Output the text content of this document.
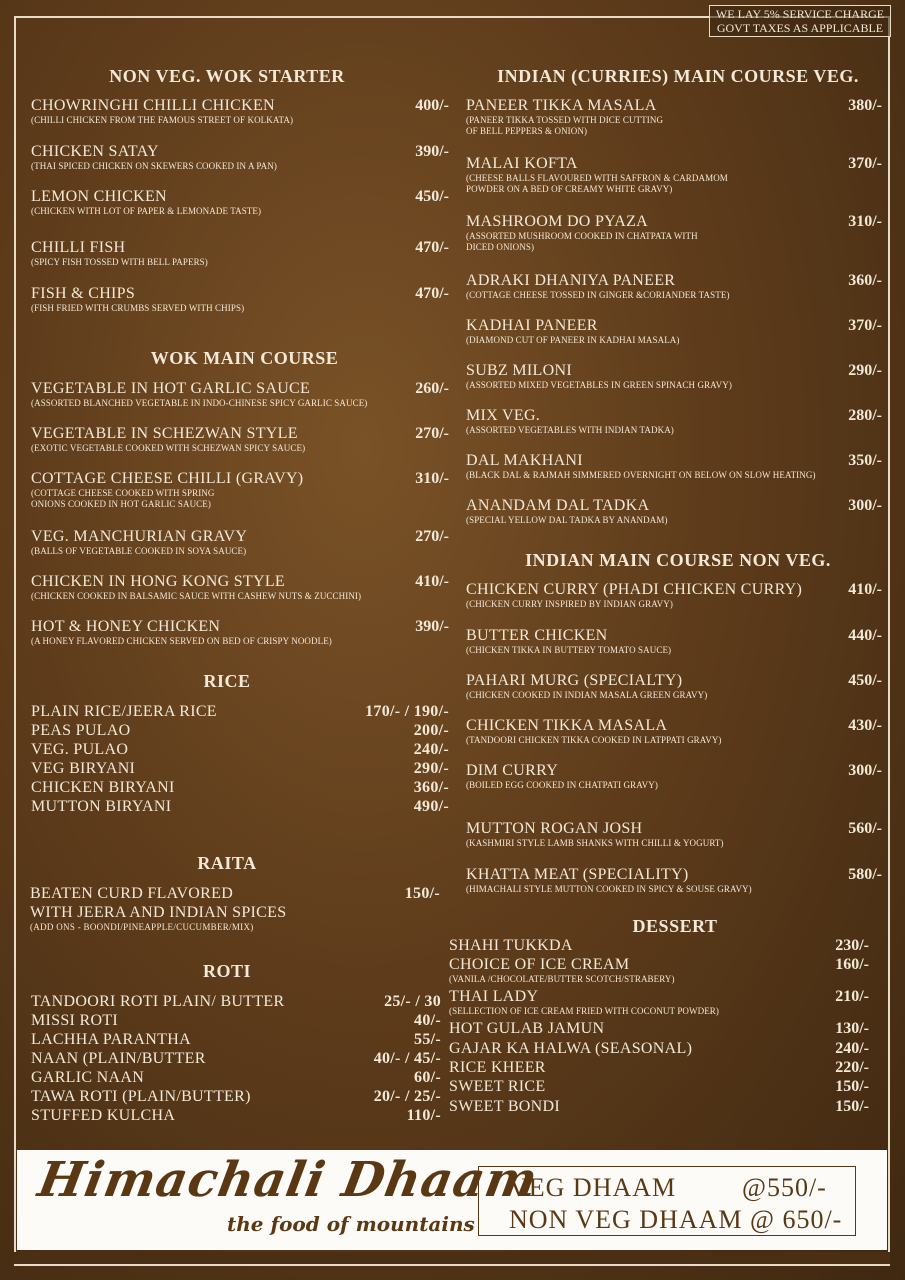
WE LAY 5% SERVICE CHARGE
GOVT TAXES AS APPLICABLE
NON VEG. WOK STARTER
CHOWRINGHI CHILLI CHICKEN
(CHILLI CHICKEN FROM THE FAMOUS STREET OF KOLKATA)
400/-
CHICKEN SATAY
(THAI SPICED CHICKEN ON SKEWERS COOKED IN A PAN)
390/-
LEMON CHICKEN
(CHICKEN WITH LOT OF PAPER & LEMONADE TASTE)
450/-
CHILLI FISH
(SPICY FISH TOSSED WITH BELL PAPERS)
470/-
FISH & CHIPS
(FISH FRIED WITH CRUMBS SERVED WITH CHIPS)
470/-
WOK MAIN COURSE
VEGETABLE IN HOT GARLIC SAUCE
(ASSORTED BLANCHED VEGETABLE IN INDO-CHINESE SPICY GARLIC SAUCE)
260/-
VEGETABLE IN SCHEZWAN STYLE
(EXOTIC VEGETABLE COOKED WITH SCHEZWAN SPICY SAUCE)
270/-
COTTAGE CHEESE CHILLI (GRAVY)
(COTTAGE CHEESE COOKED WITH SPRING
ONIONS COOKED IN HOT GARLIC SAUCE)
310/-
VEG. MANCHURIAN GRAVY
(BALLS OF VEGETABLE COOKED IN SOYA SAUCE)
270/-
CHICKEN IN HONG KONG STYLE
(CHICKEN COOKED IN BALSAMIC SAUCE WITH CASHEW NUTS & ZUCCHINI)
410/-
HOT & HONEY CHICKEN
(A HONEY FLAVORED CHICKEN SERVED ON BED OF CRISPY NOODLE)
390/-
RICE
PLAIN RICE/JEERA RICE	170/- / 190/-
PEAS PULAO	200/-
VEG. PULAO	240/-
VEG BIRYANI	290/-
CHICKEN BIRYANI	360/-
MUTTON BIRYANI	490/-
RAITA
BEATEN CURD FLAVORED
WITH JEERA AND INDIAN SPICES
(ADD ONS - BOONDI/PINEAPPLE/CUCUMBER/MIX)
150/-
ROTI
TANDOORI ROTI PLAIN/ BUTTER	25/- / 30
MISSI ROTI	40/-
LACHHA PARANTHA	55/-
NAAN (PLAIN/BUTTER	40/- / 45/-
GARLIC NAAN	60/-
TAWA ROTI (PLAIN/BUTTER)	20/- / 25/-
STUFFED KULCHA	110/-
INDIAN (CURRIES) MAIN COURSE VEG.
PANEER TIKKA MASALA
(PANEER TIKKA TOSSED WITH DICE CUTTING
OF BELL PEPPERS & ONION)
380/-
MALAI KOFTA
(CHEESE BALLS FLAVOURED WITH SAFFRON & CARDAMOM
POWDER ON A BED OF CREAMY WHITE GRAVY)
370/-
MASHROOM DO PYAZA
(ASSORTED MUSHROOM COOKED IN CHATPATA WITH
DICED ONIONS)
310/-
ADRAKI DHANIYA PANEER
(COTTAGE CHEESE TOSSED IN GINGER &CORIANDER TASTE)
360/-
KADHAI PANEER
(DIAMOND CUT OF PANEER IN KADHAI MASALA)
370/-
SUBZ MILONI
(ASSORTED MIXED VEGETABLES IN GREEN SPINACH GRAVY)
290/-
MIX VEG.
(ASSORTED VEGETABLES WITH INDIAN TADKA)
280/-
DAL MAKHANI
(BLACK DAL & RAJMAH SIMMERED OVERNIGHT ON BELOW ON SLOW HEATING)
350/-
ANANDAM DAL TADKA
(SPECIAL YELLOW DAL TADKA BY ANANDAM)
300/-
INDIAN MAIN COURSE NON VEG.
CHICKEN CURRY (PHADI CHICKEN CURRY)
(CHICKEN CURRY INSPIRED BY INDIAN GRAVY)
410/-
BUTTER CHICKEN
(CHICKEN TIKKA IN BUTTERY TOMATO SAUCE)
440/-
PAHARI MURG (SPECIALTY)
(CHICKEN COOKED IN INDIAN MASALA GREEN GRAVY)
450/-
CHICKEN TIKKA MASALA
(TANDOORI CHICKEN TIKKA COOKED IN LATPPATI GRAVY)
430/-
DIM CURRY
(BOILED EGG COOKED IN CHATPATI GRAVY)
300/-
MUTTON ROGAN JOSH
(KASHMIRI STYLE LAMB SHANKS WITH CHILLI & YOGURT)
560/-
KHATTA MEAT (SPECIALITY)
(HIMACHALI STYLE MUTTON COOKED IN SPICY & SOUSE GRAVY)
580/-
DESSERT
SHAHI TUKKDA	230/-
CHOICE OF ICE CREAM
(VANILA /CHOCOLATE/BUTTER SCOTCH/STRABERY)
160/-
THAI LADY
(SELLECTION OF ICE CREAM FRIED WITH COCONUT POWDER)
210/-
HOT GULAB JAMUN	130/-
GAJAR KA HALWA (SEASONAL)	240/-
RICE KHEER	220/-
SWEET RICE	150/-
SWEET BONDI	150/-
Himachali Dhaam
the food of mountains
VEG DHAAM	@550/-
NON VEG DHAAM @ 650/-
